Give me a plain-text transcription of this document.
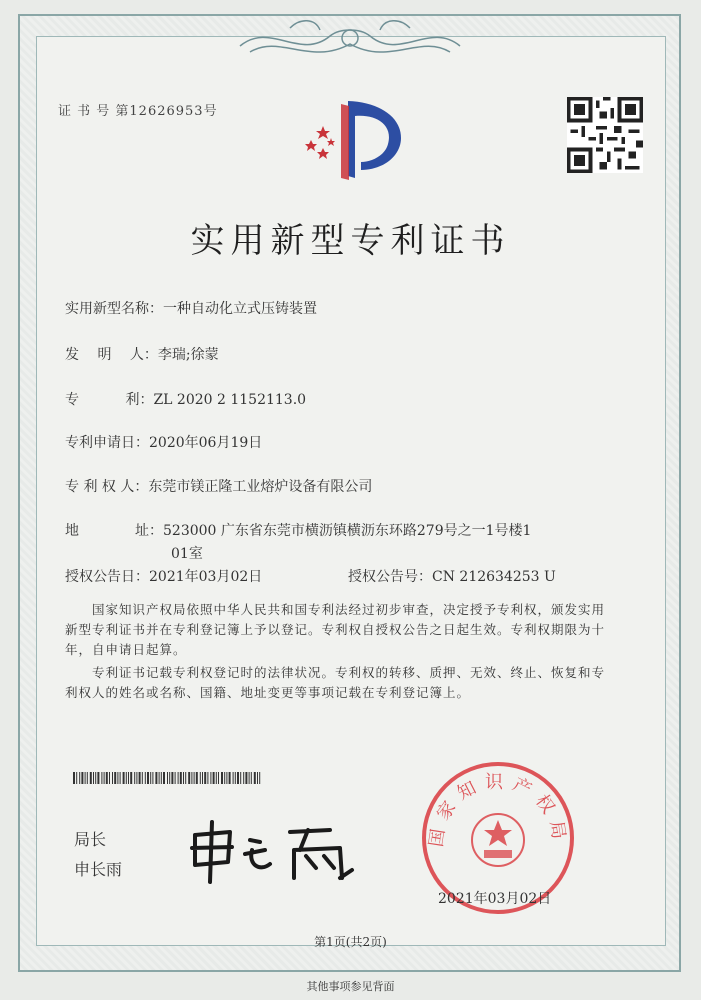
证 书 号 第12626953号
实用新型专利证书
实用新型名称：一种自动化立式压铸装置
发　 明　 人：李瑞;徐蒙
专　　　 利：ZL 2020 2 1152113.0
专利申请日：2020年06月19日
专 利 权 人：东莞市镁正隆工业熔炉设备有限公司
地　　　　址：523000 广东省东莞市横沥镇横沥东环路279号之一1号楼1
01室
授权公告日：2021年03月02日	授权公告号：CN 212634253 U
国家知识产权局依照中华人民共和国专利法经过初步审查，决定授予专利权，颁发实用
新型专利证书并在专利登记簿上予以登记。专利权自授权公告之日起生效。专利权期限为十
年，自申请日起算。
专利证书记载专利权登记时的法律状况。专利权的转移、质押、无效、终止、恢复和专
利权人的姓名或名称、国籍、地址变更等事项记载在专利登记簿上。
局长
申长雨
国家知识产权局
2021年03月02日
第1页(共2页)
其他事项参见背面
